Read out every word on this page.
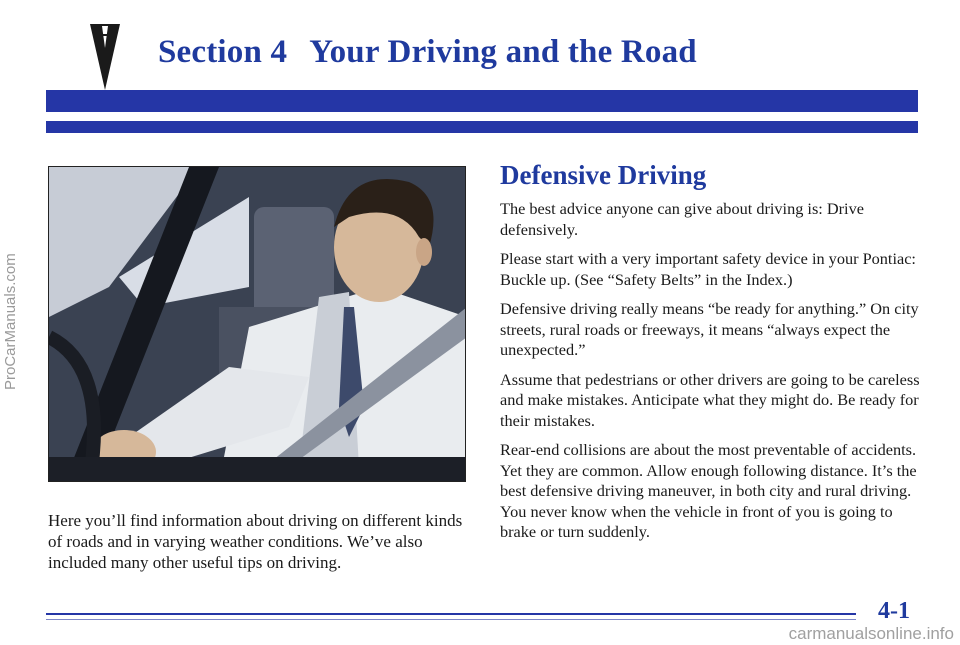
Section 4 Your Driving and the Road
Here you’ll find information about driving on different kinds of roads and in varying weather conditions. We’ve also included many other useful tips on driving.
Defensive Driving

The best advice anyone can give about driving is: Drive defensively.

Please start with a very important safety device in your Pontiac: Buckle up. (See “Safety Belts” in the Index.)

Defensive driving really means “be ready for anything.” On city streets, rural roads or freeways, it means “always expect the unexpected.”

Assume that pedestrians or other drivers are going to be careless and make mistakes. Anticipate what they might do. Be ready for their mistakes.

Rear-end collisions are about the most preventable of accidents. Yet they are common. Allow enough following distance. It’s the best defensive driving maneuver, in both city and rural driving. You never know when the vehicle in front of you is going to brake or turn suddenly.

4-1
ProCarManuals.com
carmanualsonline.info
